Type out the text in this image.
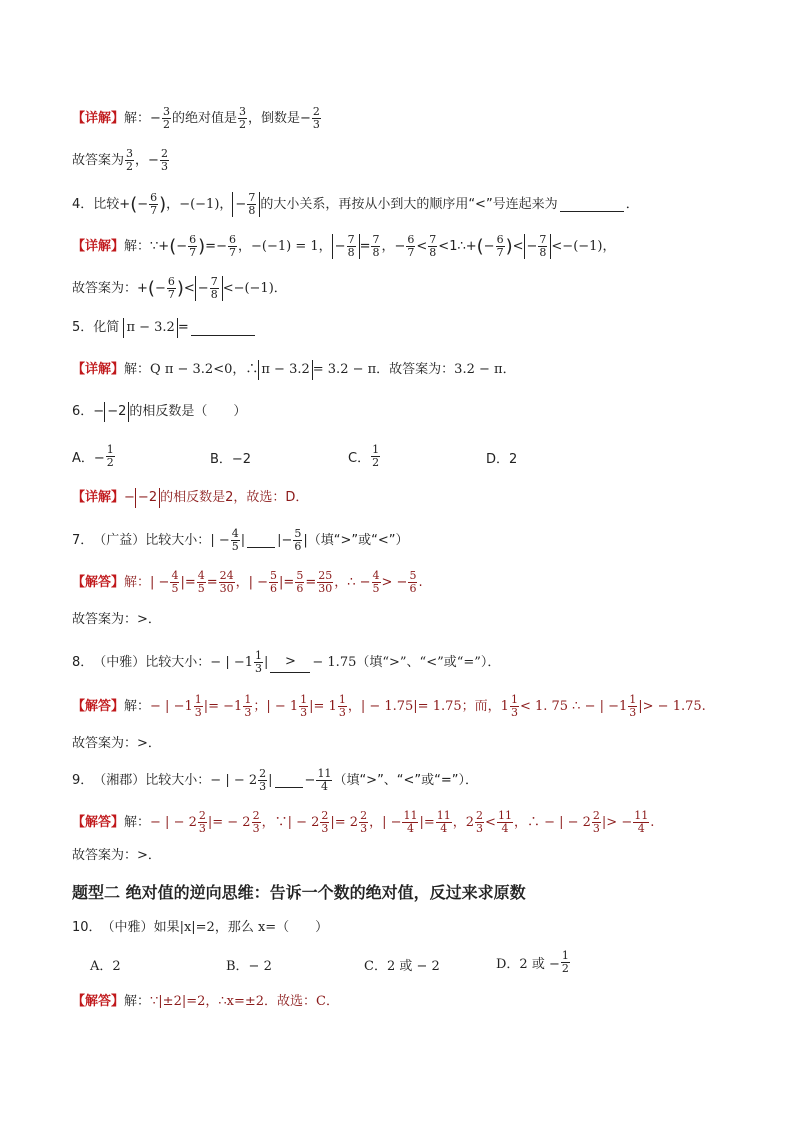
【详解】 解： − $\frac{3}{2}$ 的绝对值是 $\frac{3}{2}$ ，倒数是 − $\frac{2}{3}$
故答案为 $\frac{3}{2}$ ， − $\frac{2}{3}$
4． 比较 + ( − $\frac{6}{7}$ ) ， −(−1) ， − $\frac{7}{8}$ 的大小关系，再按从小到大的顺序用“<”号连起来为	．
【详解】 解： ∵+ ( − $\frac{6}{7}$ ) = − $\frac{6}{7}$ ， −(−1) = 1 ， − $\frac{7}{8} = \frac{7}{8}$ ， − $\frac{6}{7} < \frac{7}{8}$ <1∴+ ( − $\frac{6}{7}$ ) < − $\frac{7}{8} <-(-1)$，
故答案为：+ ( − $\frac{6}{7}$ ) < − $\frac{7}{8} <-(-1)$ ．
5． 化简
π − 3.2 =
【详解】 解： Q π − 3.2<0，∴ π − 3.2 = 3.2 − π．故答案为： 3.2 − π ．
6． − −2 的相反数是（　　）
A．− $\frac{1}{2}$	B．−2	C． $\frac{1}{2}$	D．2
【详解】 − −2 的相反数是2，故选：D．
7． （广益） 比较大小： | − $\frac{4}{5}$ | | − $\frac{5}{6}$ |（填“>”或“<”）
【解答】 解： | − $\frac{4}{5}$ |= $\frac{4}{5} = \frac{24}{30}$ ，| − $\frac{5}{6}$ |= $\frac{5}{6} = \frac{25}{30}$ ，∴ − $\frac{4}{5}$ > − $\frac{5}{6}$ .
故答案为：>．
8． （中雅） 比较大小：− | $-1 \frac{1}{3}$ |	>	− 1.75（填“>”、“<”或“=”）．
【解答】 解： − | $-1 \frac{1}{3}$ |= $-1 \frac{1}{3}$ ；| − $1 \frac{1}{3}$ |= $1 \frac{1}{3}$ ，| − 1.75|= 1.75；而， $1 \frac{1}{3} < 1$. 75 ∴ − | $-1 \frac{1}{3}$ |> − 1.75.
故答案为：>．
9． （湘郡） 比较大小：− | − $2 \frac{2}{3}$ | − $\frac{11}{4}$ （填“>”、“<”或“=”）．
【解答】 解： − | − $2 \frac{2}{3}$ |= − $2 \frac{2}{3}$ ，∵| − $2 \frac{2}{3}$ |= $2 \frac{2}{3}$ ，| − $\frac{11}{4}$ |= $\frac{11}{4}$ ，$2 \frac{2}{3} < \frac{11}{4}$ ，∴ − | − $2 \frac{2}{3}$ |> − $\frac{11}{4}$ .
故答案为：>．
题型二 绝对值的逆向思维：告诉一个数的绝对值，反过来求原数
10． （中雅） 如果|x|=2，那么 x=（　　）
A．2	B．− 2	C．2 或 − 2	D．2 或 − $\frac{1}{2}$
【解答】 解： ∵|±2|=2，∴x=±2．故选：C．
